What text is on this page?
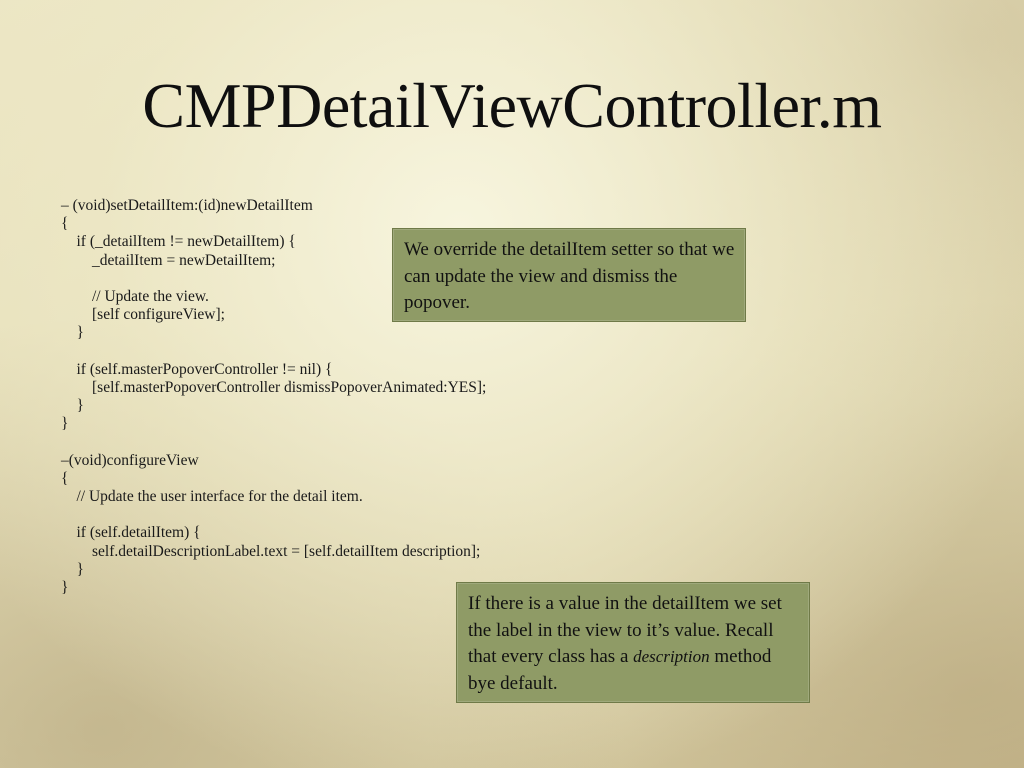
CMPDetailViewController.m
– (void)setDetailItem:(id)newDetailItem
{
if (_detailItem != newDetailItem) {
_detailItem = newDetailItem;
// Update the view.
[self configureView];
}
if (self.masterPopoverController != nil) {
[self.masterPopoverController dismissPopoverAnimated:YES];
}
}
–(void)configureView
{
// Update the user interface for the detail item.
if (self.detailItem) {
self.detailDescriptionLabel.text = [self.detailItem description];
}
}
We override the detailItem setter so that we can update the view and dismiss the popover.
If there is a value in the detailItem we set the label in the view to it’s value. Recall that every class has a description method bye default.
